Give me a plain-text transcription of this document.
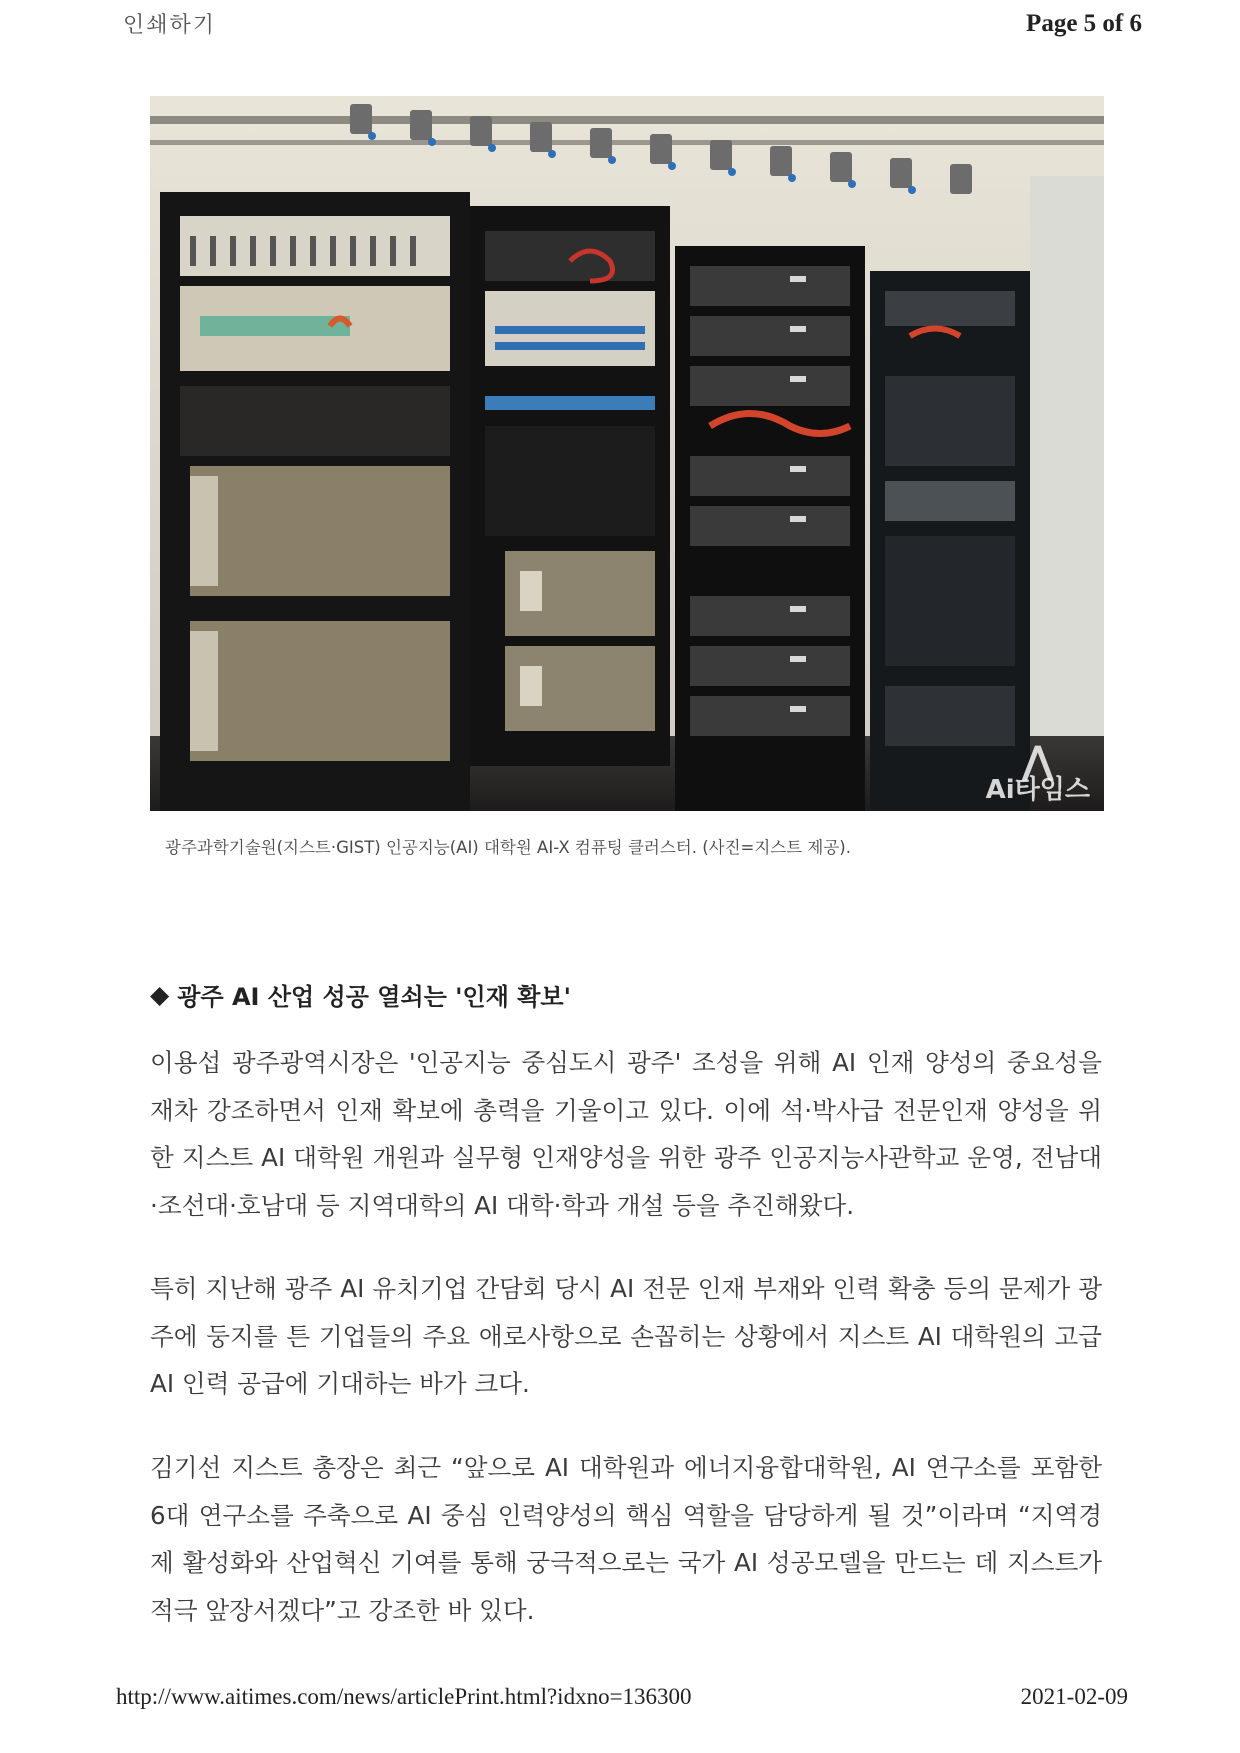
인쇄하기	Page 5 of 6
⋀
Ai타임스
광주과학기술원(지스트·GIST) 인공지능(AI) 대학원 AI-X 컴퓨팅 클러스터. (사진=지스트 제공).
◆ 광주 AI 산업 성공 열쇠는 '인재 확보'
이용섭 광주광역시장은 '인공지능 중심도시 광주' 조성을 위해 AI 인재 양성의 중요성을 재차 강조하면서 인재 확보에 총력을 기울이고 있다. 이에 석·박사급 전문인재 양성을 위한 지스트 AI 대학원 개원과 실무형 인재양성을 위한 광주 인공지능사관학교 운영, 전남대·조선대·호남대 등 지역대학의 AI 대학·학과 개설 등을 추진해왔다.
특히 지난해 광주 AI 유치기업 간담회 당시 AI 전문 인재 부재와 인력 확충 등의 문제가 광주에 둥지를 튼 기업들의 주요 애로사항으로 손꼽히는 상황에서 지스트 AI 대학원의 고급 AI 인력 공급에 기대하는 바가 크다.
김기선 지스트 총장은 최근 “앞으로 AI 대학원과 에너지융합대학원, AI 연구소를 포함한 6대 연구소를 주축으로 AI 중심 인력양성의 핵심 역할을 담당하게 될 것”이라며 “지역경제 활성화와 산업혁신 기여를 통해 궁극적으로는 국가 AI 성공모델을 만드는 데 지스트가 적극 앞장서겠다”고 강조한 바 있다.
http://www.aitimes.com/news/articlePrint.html?idxno=136300	2021-02-09
